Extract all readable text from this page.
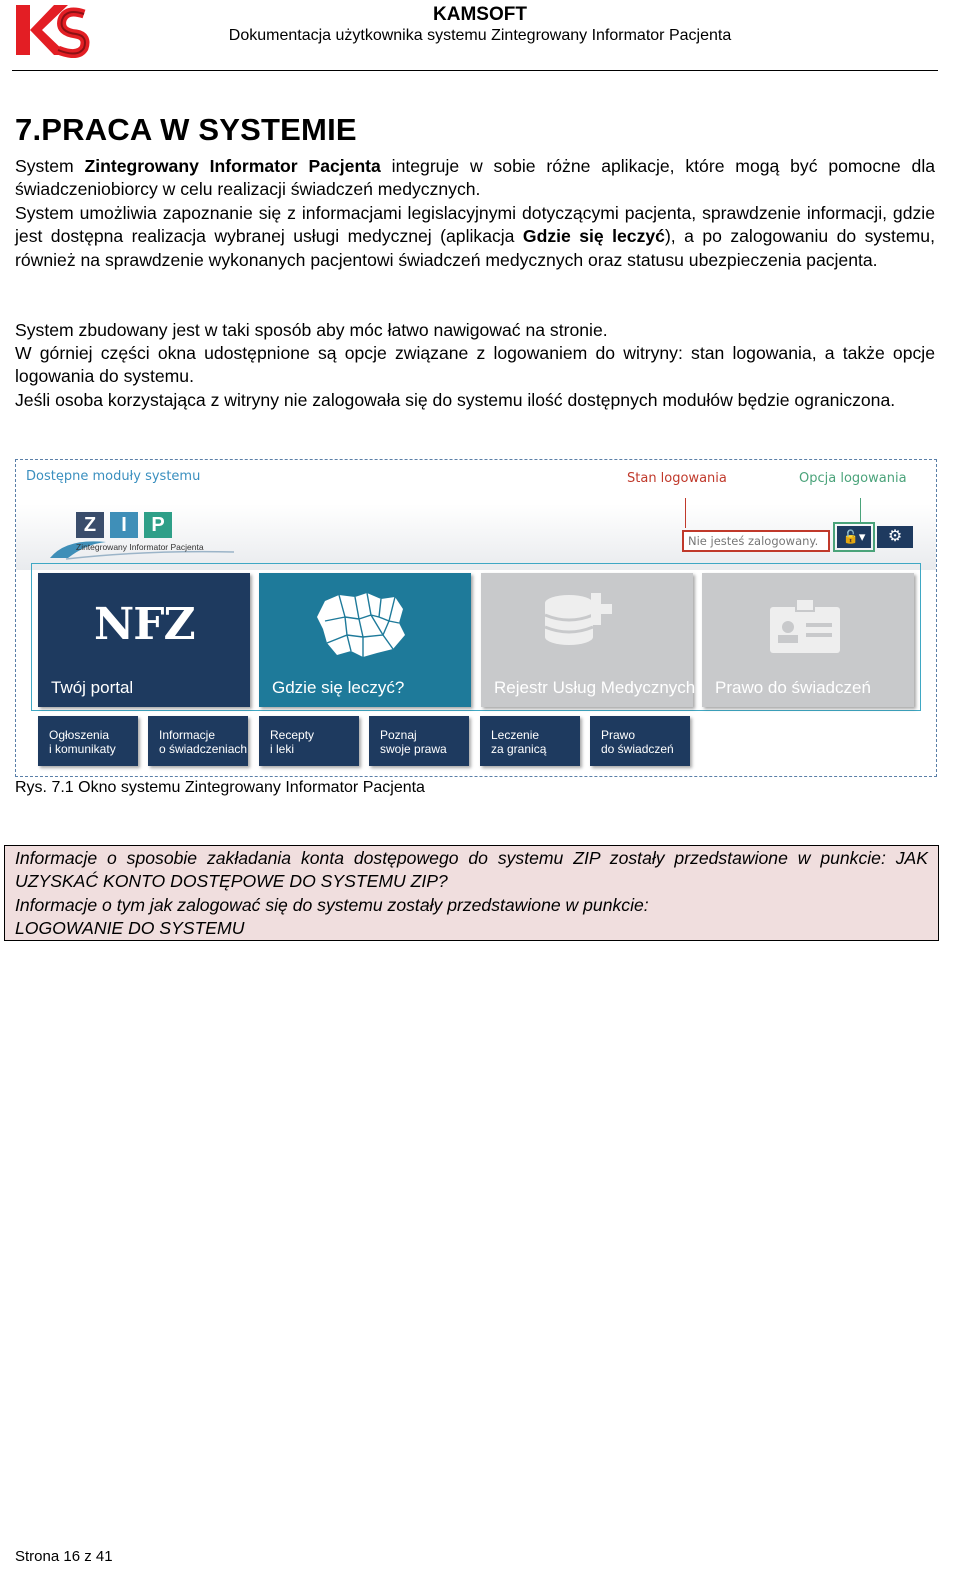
KAMSOFT
Dokumentacja użytkownika systemu Zintegrowany Informator Pacjenta
7.PRACA W SYSTEMIE

System Zintegrowany Informator Pacjenta integruje w sobie różne aplikacje, które mogą być pomocne dla świadczeniobiorcy w celu realizacji świadczeń medycznych.

System umożliwia zapoznanie się z informacjami legislacyjnymi dotyczącymi pacjenta, sprawdzenie informacji, gdzie jest dostępna realizacja wybranej usługi medycznej (aplikacja Gdzie się leczyć), a po zalogowaniu do systemu, również na sprawdzenie wykonanych pacjentowi świadczeń medycznych oraz statusu ubezpieczenia pacjenta.

System zbudowany jest w taki sposób aby móc łatwo nawigować na stronie.

W górniej części okna udostępnione są opcje związane z logowaniem do witryny: stan logowania, a także opcje logowania do systemu.

Jeśli osoba korzystająca z witryny nie zalogowała się do systemu ilość dostępnych modułów będzie ograniczona.

Dostępne moduły systemu	Stan logowania	Opcja logowania
Z	I	P
Zintegrowany Informator Pacjenta	Nie jesteś zalogowany.	🔓▾	⚙
NFZ
Twój portal	Gdzie się leczyć?	Rejestr Usług Medycznych Prawo do świadczeń
Ogłoszenia
i komunikaty
Informacje
o świadczeniach
Recepty
i leki
Poznaj
swoje prawa
Leczenie
za granicą
Prawo
do świadczeń
Rys. 7.1 Okno systemu Zintegrowany Informator Pacjenta

Informacje o sposobie zakładania konta dostępowego do systemu ZIP zostały przedstawione w punkcie: JAK UZYSKAĆ KONTO DOSTĘPOWE DO SYSTEMU ZIP?

Informacje o tym jak zalogować się do systemu zostały przedstawione w punkcie:

LOGOWANIE DO SYSTEMU

Strona 16 z 41
